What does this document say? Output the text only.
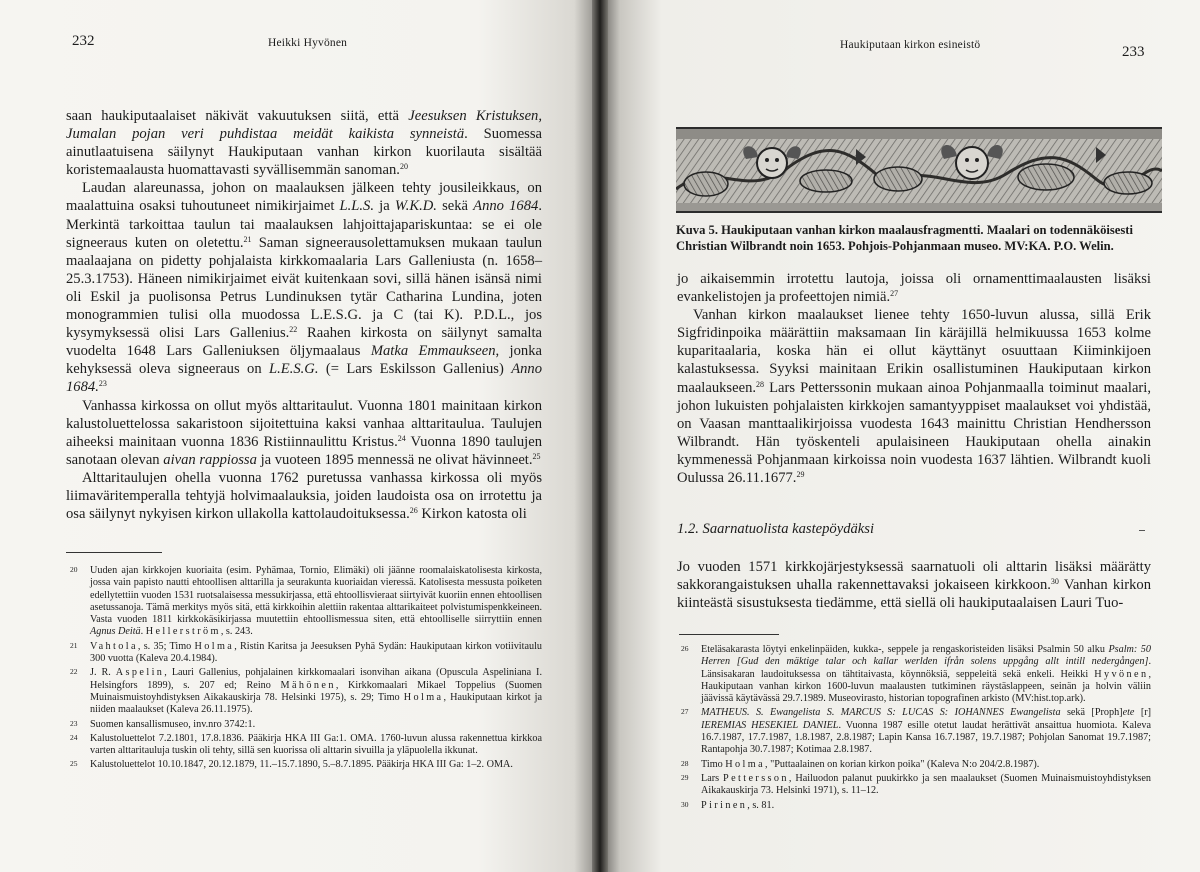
232	Heikki Hyvönen

saan haukiputaalaiset näkivät vakuutuksen siitä, että Jeesuksen Kristuksen, Jumalan pojan veri puhdistaa meidät kaikista synneistä. Suomessa ainutlaatuisena säilynyt Haukiputaan vanhan kirkon kuorilauta sisältää koristemaalausta huomattavasti syvällisemmän sanoman.$^{20}$

Laudan alareunassa, johon on maalauksen jälkeen tehty jousileikkaus, on maalattuina osaksi tuhoutuneet nimikirjaimet L.L.S. ja W.K.D. sekä Anno 1684. Merkintä tarkoittaa taulun tai maalauksen lahjoittajapariskuntaa: se ei ole signeeraus kuten on oletettu.$^{21}$ Saman signeerausolettamuksen mukaan taulun maalaajana on pidetty pohjalaista kirkkomaalaria Lars Galleniusta (n. 1658–25.3.1753). Häneen nimikirjaimet eivät kuitenkaan sovi, sillä hänen isänsä nimi oli Eskil ja puolisonsa Petrus Lundinuksen tytär Catharina Lundina, joten monogrammien tulisi olla muodossa L.E.S.G. ja C (tai K). P.D.L., jos kysymyksessä olisi Lars Gallenius.$^{22}$ Raahen kirkosta on säilynyt samalta vuodelta 1648 Lars Galleniuksen öljymaalaus Matka Emmaukseen, jonka kehyksessä oleva signeeraus on L.E.S.G. (= Lars Eskilsson Gallenius) Anno 1684.23

Vanhassa kirkossa on ollut myös alttaritaulut. Vuonna 1801 mainitaan kirkon kalustoluettelossa sakaristoon sijoitettuina kaksi vanhaa alttaritaulua. Taulujen aiheeksi mainitaan vuonna 1836 Ristiinnaulittu Kristus.$^{24}$ Vuonna 1890 taulujen sanotaan olevan aivan rappiossa ja vuoteen 1895 mennessä ne olivat hävinneet.$^{25}$

Alttaritaulujen ohella vuonna 1762 puretussa vanhassa kirkossa oli myös liimaväritemperalla tehtyjä holvimaalauksia, joiden laudoista osa on irrotettu ja osa säilynyt nykyisen kirkon ullakolla kattolaudoituksessa.$^{26}$ Kirkon katosta oli

20 Uuden ajan kirkkojen kuoriaita (esim. Pyhämaa, Tornio, Elimäki) oli jäänne roomalaiskatolisesta kirkosta, jossa vain papisto nautti ehtoollisen alttarilla ja seurakunta kuoriaidan vieressä. Katolisesta messusta poiketen edellytettiin vuoden 1531 ruotsalaisessa messukirjassa, että ehtoollisvieraat siirtyivät kuoriin ennen ehtoollisen asetussanoja. Tämä merkitys myös sitä, että kirkkoihin alettiin rakentaa alttarikaiteet polvistumispenkkeineen. Vasta vuoden 1811 kirkkokäsikirjassa muutettiin ehtoollismessua siten, että ehtoolliselle siirryttiin ennen Agnus Deitä. Hellerström, s. 243.
21 Vahtola, s. 35; Timo Holma, Ristin Karitsa ja Jeesuksen Pyhä Sydän: Haukiputaan kirkon votiivitaulu 300 vuotta (Kaleva 20.4.1984).
22 J. R. Aspelin, Lauri Gallenius, pohjalainen kirkkomaalari isonvihan aikana (Opuscula Aspeliniana I. Helsingfors 1899), s. 207 ed; Reino Mähönen, Kirkkomaalari Mikael Toppelius (Suomen Muinaismuistoyhdistyksen Aikakauskirja 78. Helsinki 1975), s. 29; Timo Holma, Haukiputaan kirkot ja niiden maalaukset (Kaleva 26.11.1975).
23 Suomen kansallismuseo, inv.nro 3742:1.
24 Kalustoluettelot 7.2.1801, 17.8.1836. Pääkirja HKA III Ga:1. OMA. 1760-luvun alussa rakennettua kirkkoa varten alttaritauluja tuskin oli tehty, sillä sen kuorissa oli alttarin sivuilla ja yläpuolella ikkunat.
25 Kalustoluettelot 10.10.1847, 20.12.1879, 11.–15.7.1890, 5.–8.7.1895. Pääkirja HKA III Ga: 1–2. OMA.
Haukiputaan kirkon esineistö	233
Kuva 5. Haukiputaan vanhan kirkon maalausfragmentti. Maalari on todennäköisesti Christian Wilbrandt noin 1653. Pohjois-Pohjanmaan museo. MV:KA. P.O. Welin.

jo aikaisemmin irrotettu lautoja, joissa oli ornamenttimaalausten lisäksi evankelistojen ja profeettojen nimiä.$^{27}$

Vanhan kirkon maalaukset lienee tehty 1650-luvun alussa, sillä Erik Sigfridinpoika määrättiin maksamaan Iin käräjillä helmikuussa 1653 kolme kuparitaalaria, koska hän ei ollut käyttänyt osuuttaan Kiiminkijoen kalastuksessa. Syyksi mainitaan Erikin osallistuminen Haukiputaan kirkon maalaukseen.$^{28}$ Lars Petterssonin mukaan ainoa Pohjanmaalla toiminut maalari, johon lukuisten pohjalaisten kirkkojen samantyyppiset maalaukset voi yhdistää, on Vaasan manttaalikirjoissa vuodesta 1643 mainittu Christian Hendhersson Wilbrandt. Hän työskenteli apulaisineen Haukiputaan ohella ainakin kymmenessä Pohjanmaan kirkoissa noin vuodesta 1637 lähtien. Wilbrandt kuoli Oulussa 26.11.1677.29

1.2. Saarnatuolista kastepöydäksi

Jo vuoden 1571 kirkkojärjestyksessä saarnatuoli oli alttarin lisäksi määrätty sakkorangaistuksen uhalla rakennettavaksi jokaiseen kirkkoon.$^{30}$ Vanhan kirkon kiinteästä sisustuksesta tiedämme, että siellä oli haukiputaalaisen Lauri Tuo-

26 Eteläsakarasta löytyi enkelinpäiden, kukka-, seppele ja rengaskoristeiden lisäksi Psalmin 50 alku Psalm: 50 Herren [Gud den mäktige talar och kallar werlden ifrån solens uppgång allt intill nedergången]. Länsisakaran laudoituksessa on tähtitaivasta, köynnöksiä, seppeleitä sekä enkeli. Heikki Hyvönen, Haukiputaan vanhan kirkon 1600-luvun maalausten tutkiminen räystäslappeen, seinän ja holvin väliin jäävissä käytävässä 29.7.1989. Museovirasto, historian topografinen arkisto (MV:hist.top.ark).
27 MATHEUS. S. Ewangelista S. MARCUS S: LUCAS S: IOHANNES Ewangelista sekä [Proph]ete [r] IEREMIAS HESEKIEL DANIEL. Vuonna 1987 esille otetut laudat herättivät ansaittua huomiota. Kaleva 16.7.1987, 17.7.1987, 1.8.1987, 2.8.1987; Lapin Kansa 16.7.1987, 19.7.1987; Pohjolan Sanomat 19.7.1987; Rantapohja 30.7.1987; Kotimaa 2.8.1987.
28 Timo Holma, "Puttaalainen on korian kirkon poika" (Kaleva N:o 204/2.8.1987).
29 Lars Pettersson, Hailuodon palanut puukirkko ja sen maalaukset (Suomen Muinaismuistoyhdistyksen Aikakauskirja 73. Helsinki 1971), s. 11–12.
30 Pirinen, s. 81.
